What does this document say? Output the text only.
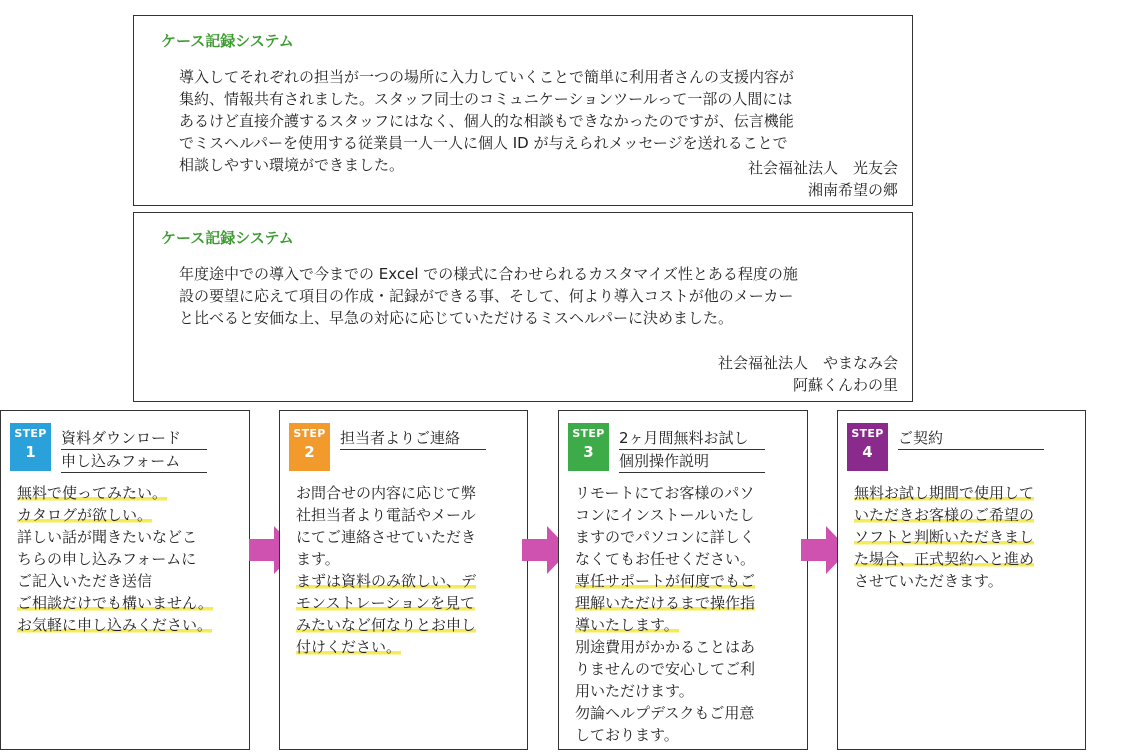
ケース記録システム
導入してそれぞれの担当が一つの場所に入力していくことで簡単に利用者さんの支援内容が
集約、情報共有されました。スタッフ同士のコミュニケーションツールって一部の人間には
あるけど直接介護するスタッフにはなく、個人的な相談もできなかったのですが、伝言機能
でミスヘルパーを使用する従業員一人一人に個人 ID が与えられメッセージを送れることで
相談しやすい環境ができました。	社会福祉法人　光友会
湘南希望の郷
ケース記録システム
年度途中での導入で今までの Excel での様式に合わせられるカスタマイズ性とある程度の施
設の要望に応えて項目の作成・記録ができる事、そして、何より導入コストが他のメーカー
と比べると安価な上、早急の対応に応じていただけるミスヘルパーに決めました。
社会福祉法人　やまなみ会
阿蘇くんわの里
STEP
1
資料ダウンロード
申し込みフォーム
無料で使ってみたい。
カタログが欲しい。
詳しい話が聞きたいなどこ
ちらの申し込みフォームに
ご記入いただき送信
ご相談だけでも構いません。
お気軽に申し込みください。
STEP
2
担当者よりご連絡
お問合せの内容に応じて弊
社担当者より電話やメール
にてご連絡させていただき
ます。
まずは資料のみ欲しい、デ
モンストレーションを見て
みたいなど何なりとお申し
付けください。
STEP
3
2ヶ月間無料お試し
個別操作説明
リモートにてお客様のパソ
コンにインストールいたし
ますのでパソコンに詳しく
なくてもお任せください。
専任サポートが何度でもご
理解いただけるまで操作指
導いたします。
別途費用がかかることはあ
りませんので安心してご利
用いただけます。
勿論ヘルプデスクもご用意
しております。
STEP
4
ご契約
無料お試し期間で使用して
いただきお客様のご希望の
ソフトと判断いただきまし
た場合、正式契約へと進め
させていただきます。
